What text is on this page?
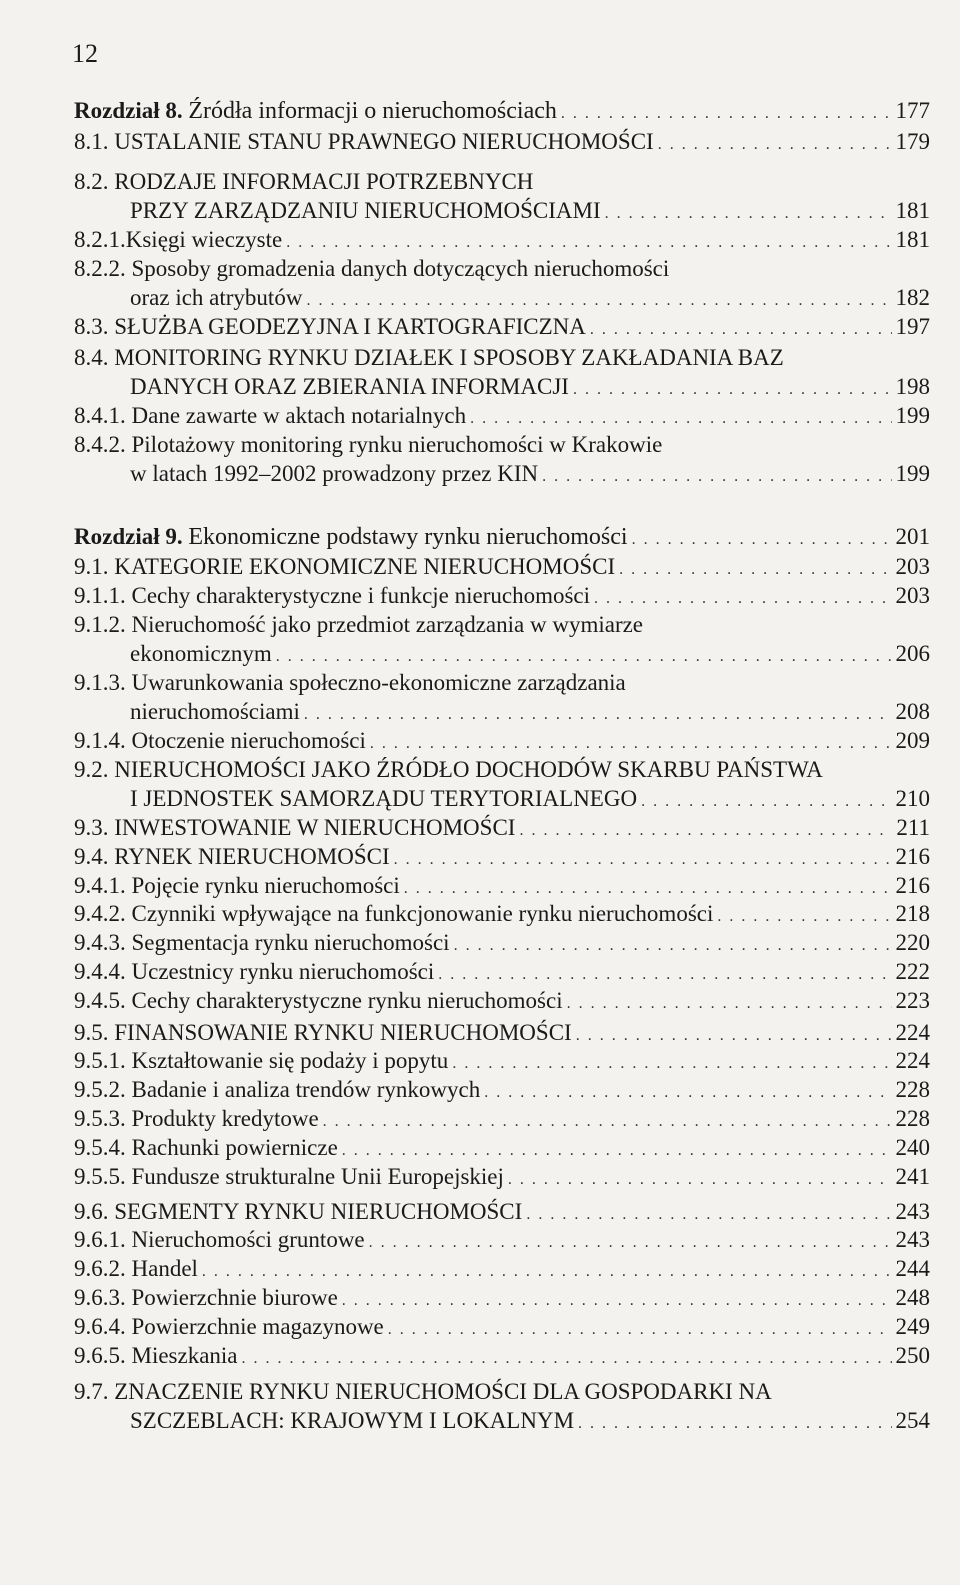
12
Rozdział 8.
Źródła informacji o nieruchomościach . . .	177
8.1.
USTALANIE STANU PRAWNEGO NIERUCHOMOŚCI . . .	179
8.2. RODZAJE INFORMACJI POTRZEBNYCH
PRZY ZARZĄDZANIU NIERUCHOMOŚCIAMI . . .	181
8.2.1.Księgi wieczyste . . .	181
8.2.2. Sposoby gromadzenia danych dotyczących nieruchomości
oraz ich atrybutów . . .	182
8.3.
SŁUŻBA GEODEZYJNA I KARTOGRAFICZNA . . .	197
8.4. MONITORING RYNKU DZIAŁEK I SPOSOBY ZAKŁADANIA BAZ
DANYCH ORAZ ZBIERANIA INFORMACJI . . .	198
8.4.1.
Dane zawarte w aktach notarialnych . . .	199
8.4.2. Pilotażowy monitoring rynku nieruchomości w Krakowie
w latach 1992–2002 prowadzony przez KIN . . .	199
Rozdział 9.
Ekonomiczne podstawy rynku nieruchomości . . .	201
9.1.
KATEGORIE EKONOMICZNE NIERUCHOMOŚCI . . .	203
9.1.1.
Cechy charakterystyczne i funkcje nieruchomości . . .	203
9.1.2. Nieruchomość jako przedmiot zarządzania w wymiarze
ekonomicznym . . .	206
9.1.3. Uwarunkowania społeczno-ekonomiczne zarządzania
nieruchomościami . . .	208
9.1.4.
Otoczenie nieruchomości . . .	209
9.2. NIERUCHOMOŚCI JAKO ŹRÓDŁO DOCHODÓW SKARBU PAŃSTWA
I JEDNOSTEK SAMORZĄDU TERYTORIALNEGO . . .	210
9.3.
INWESTOWANIE W NIERUCHOMOŚCI . . .	211
9.4.
RYNEK NIERUCHOMOŚCI . . .	216
9.4.1.
Pojęcie rynku nieruchomości . . .	216
9.4.2.
Czynniki wpływające na funkcjonowanie rynku nieruchomości . . .	218
9.4.3.
Segmentacja rynku nieruchomości . . .	220
9.4.4.
Uczestnicy rynku nieruchomości . . .	222
9.4.5.
Cechy charakterystyczne rynku nieruchomości . . .	223
9.5.
FINANSOWANIE RYNKU NIERUCHOMOŚCI . . .	224
9.5.1.
Kształtowanie się podaży i popytu . . .	224
9.5.2.
Badanie i analiza trendów rynkowych . . .	228
9.5.3.
Produkty kredytowe . . .	228
9.5.4.
Rachunki powiernicze . . .	240
9.5.5.
Fundusze strukturalne Unii Europejskiej . . .	241
9.6.
SEGMENTY RYNKU NIERUCHOMOŚCI . . .	243
9.6.1.
Nieruchomości gruntowe . . .	243
9.6.2.
Handel . . .	244
9.6.3.
Powierzchnie biurowe . . .	248
9.6.4.
Powierzchnie magazynowe . . .	249
9.6.5.
Mieszkania . . .	250
9.7. ZNACZENIE RYNKU NIERUCHOMOŚCI DLA GOSPODARKI NA
SZCZEBLACH: KRAJOWYM I LOKALNYM . . .	254
